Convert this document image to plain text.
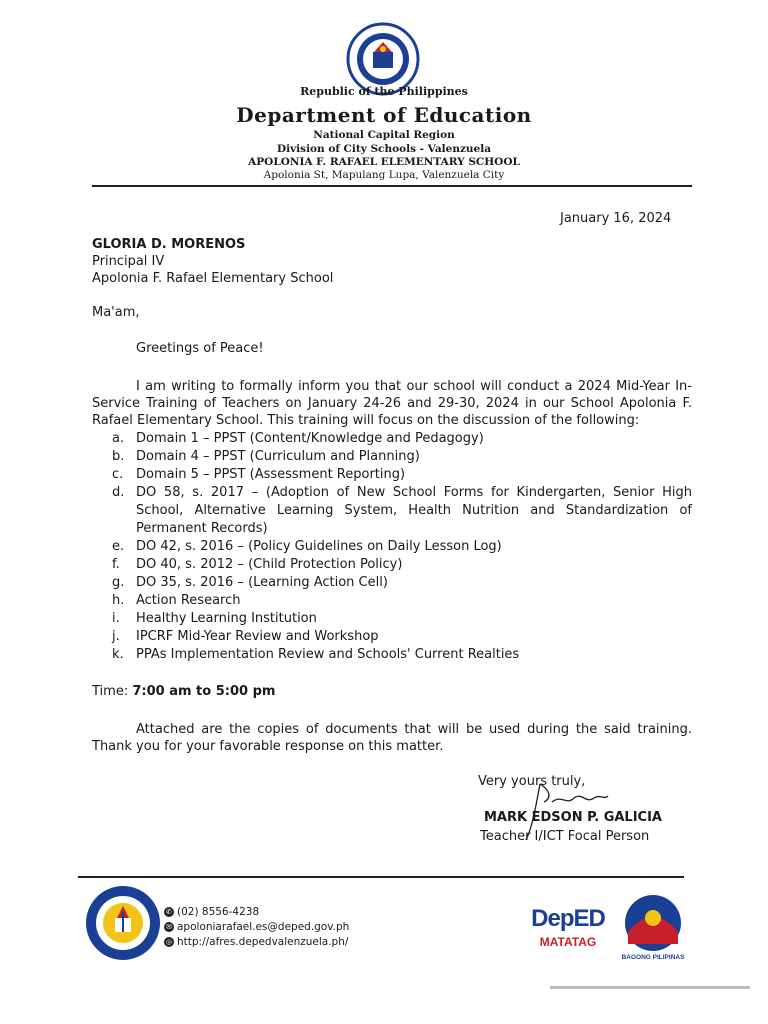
Republic of the Philippines
Department of Education
National Capital Region
Division of City Schools - Valenzuela
APOLONIA F. RAFAEL ELEMENTARY SCHOOL
Apolonia St, Mapulang Lupa, Valenzuela City
January 16, 2024
GLORIA D. MORENOS
Principal IV
Apolonia F. Rafael Elementary School
Ma'am,
Greetings of Peace!

I am writing to formally inform you that our school will conduct a 2024 Mid-Year In-Service Training of Teachers on January 24-26 and 29-30, 2024 in our School Apolonia F. Rafael Elementary School. This training will focus on the discussion of the following:

a. Domain 1 – PPST (Content/Knowledge and Pedagogy)
b. Domain 4 – PPST (Curriculum and Planning)
c. Domain 5 – PPST (Assessment Reporting)
d. DO 58, s. 2017 – (Adoption of New School Forms for Kindergarten, Senior High School, Alternative Learning System, Health Nutrition and Standardization of Permanent Records)
e. DO 42, s. 2016 – (Policy Guidelines on Daily Lesson Log)
f.	DO 40, s. 2012 – (Child Protection Policy)
g. DO 35, s. 2016 – (Learning Action Cell)
h. Action Research
i.	Healthy Learning Institution
j.	IPCRF Mid-Year Review and Workshop
k. PPAs Implementation Review and Schools' Current Realties
Time: 7:00 am to 5:00 pm

Attached are the copies of documents that will be used during the said training. Thank you for your favorable response on this matter.

Very yours truly,
MARK EDSON P. GALICIA
Teacher I/ICT Focal Person
✆ (02) 8556-4238
✉ apoloniarafael.es@deped.gov.ph
◎ http://afres.depedvalenzuela.ph/
DepED
MATATAG
BAGONG PILIPINAS
